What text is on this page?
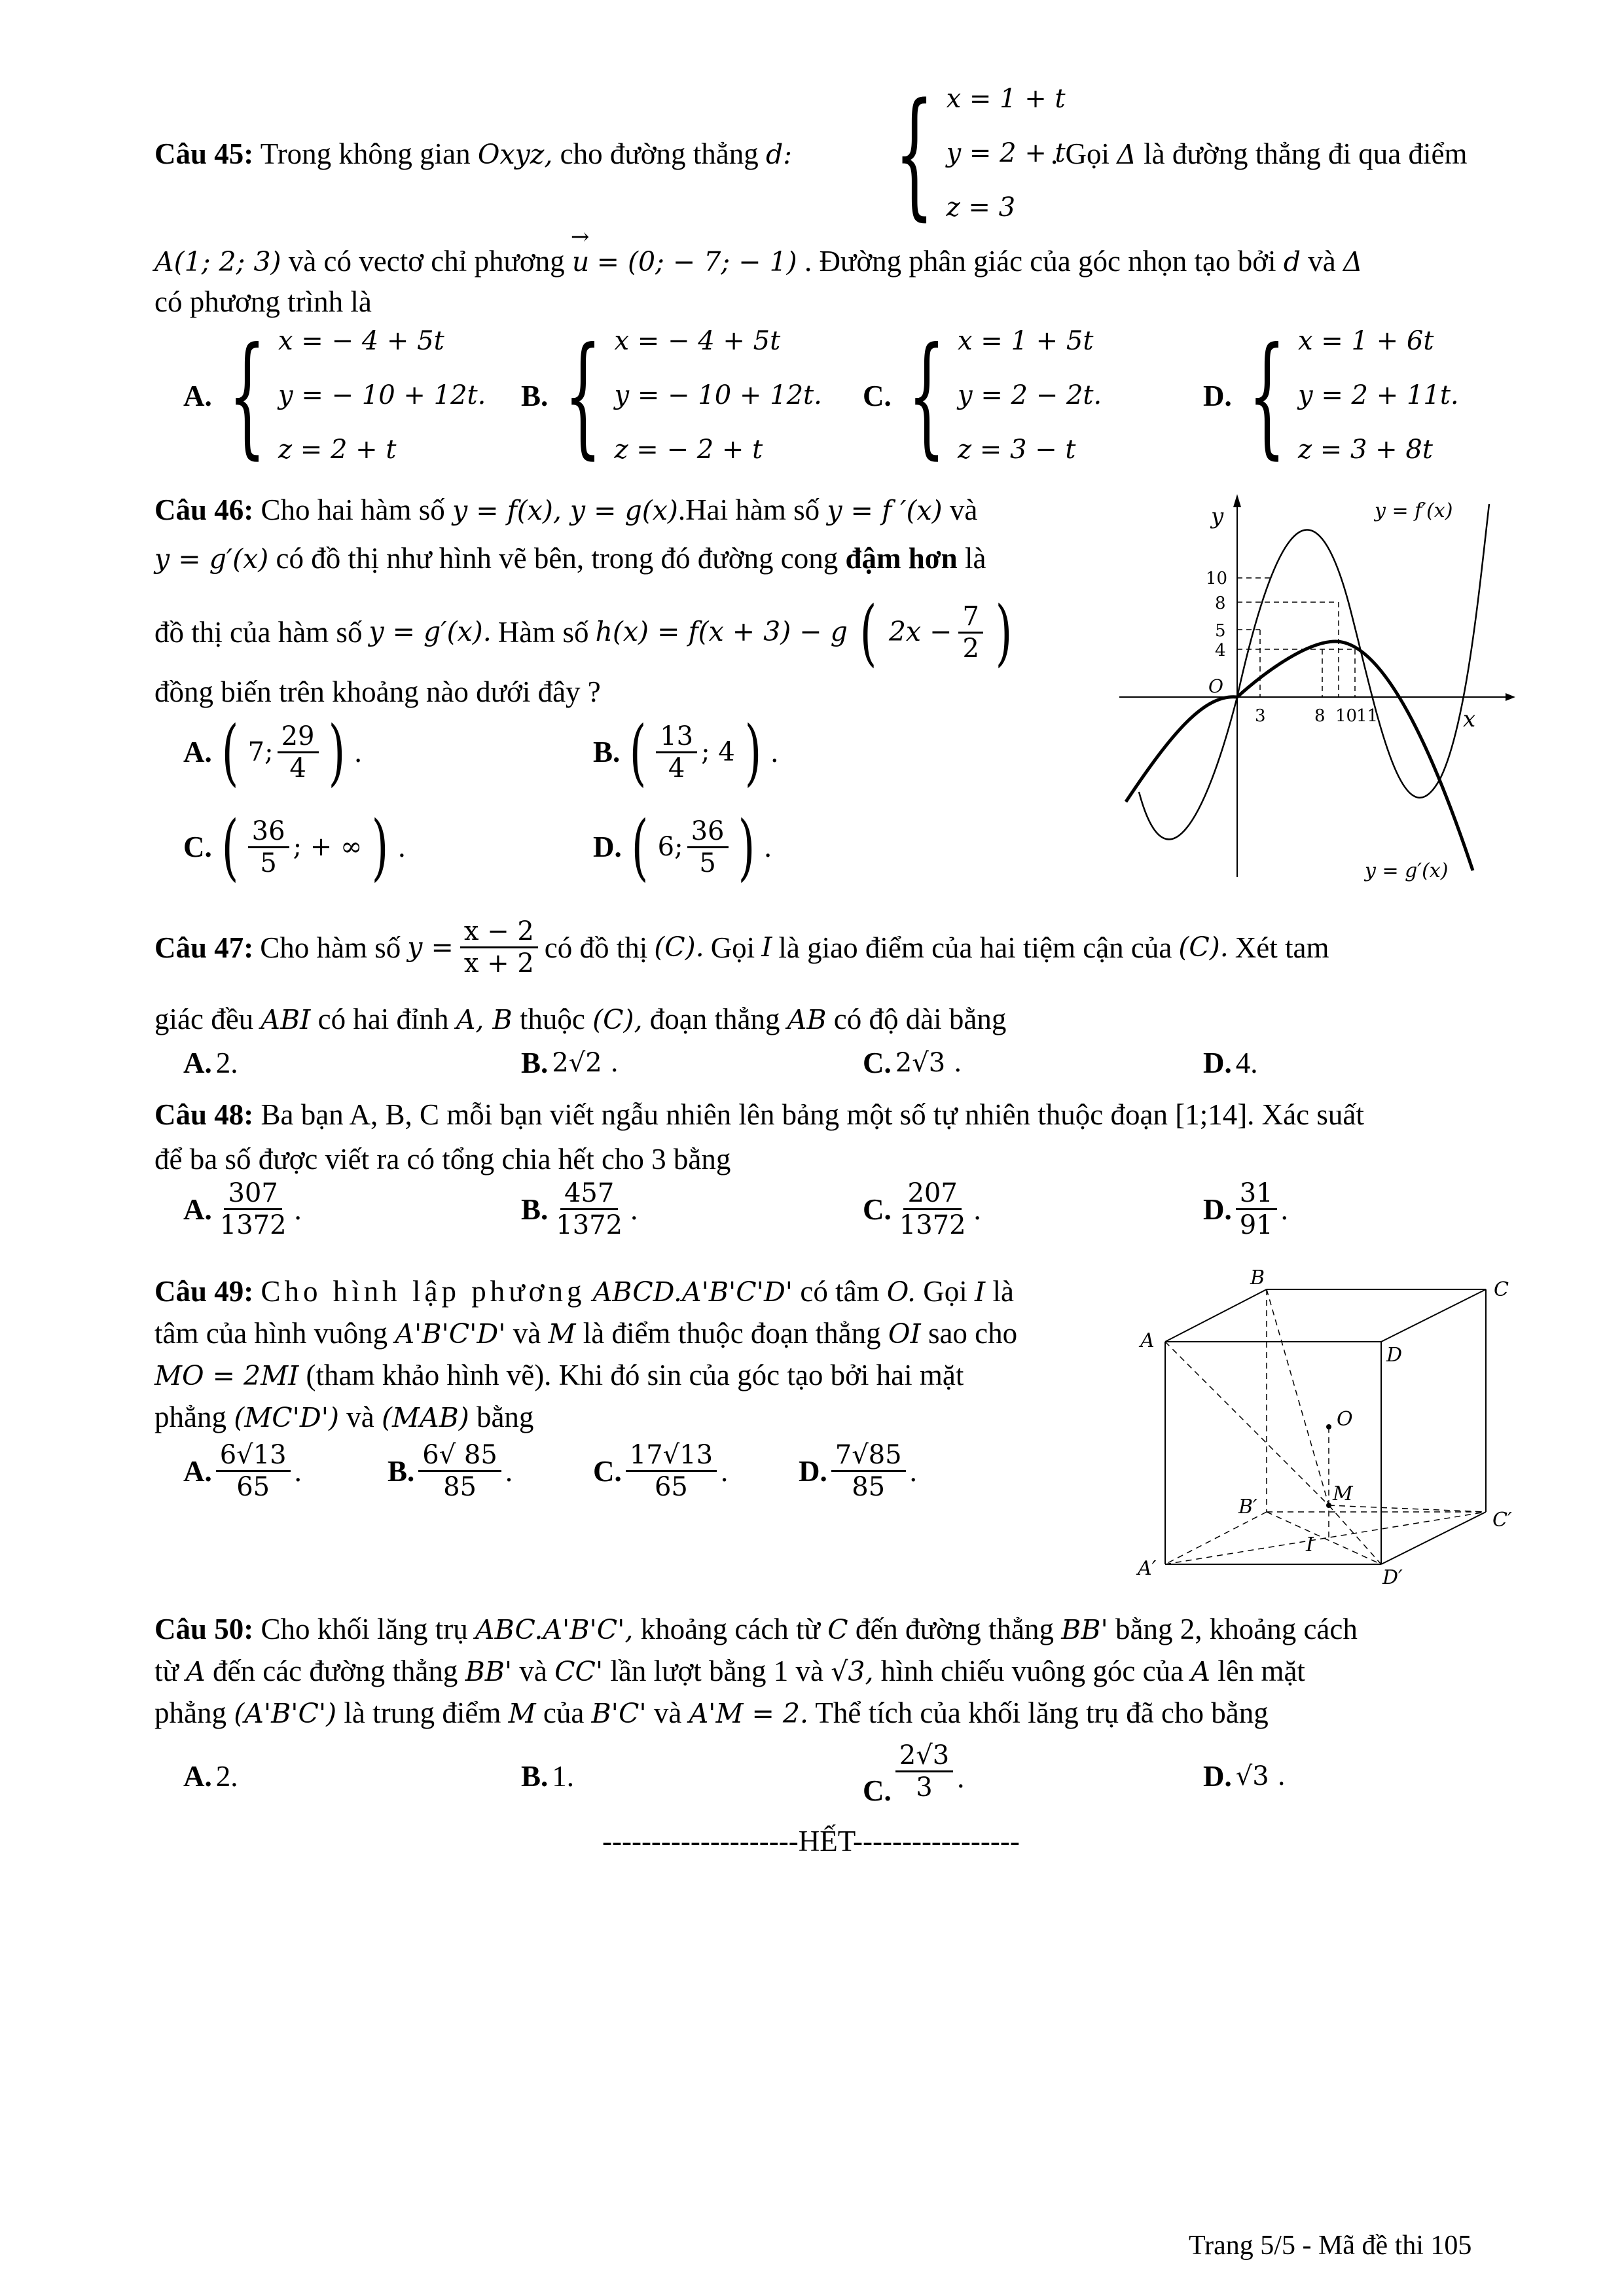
Câu 45: Trong không gian Oxyz, cho đường thẳng d: { x = 1 + t
y = 2 + t
z = 3
. Gọi Δ là đường thẳng đi qua điểm
A(1; 2; 3) và có vectơ chỉ phương
→
u = (0; − 7; − 1) . Đường phân giác của góc nhọn tạo bởi d và Δ
có phương trình là
A. { x = − 4 + 5t
y = − 10 + 12t.
z = 2 + t
B. { x = − 4 + 5t
y = − 10 + 12t.
z = − 2 + t
C. { x = 1 + 5t
y = 2 − 2t.
z = 3 − t
D. { x = 1 + 6t
y = 2 + 11t.
z = 3 + 8t
Câu 46: Cho hai hàm số y = f(x), y = g(x).Hai hàm số y = f ′(x) và
y = g′(x) có đồ thị như hình vẽ bên, trong đó đường cong đậm hơn là
đồ thị của hàm số y = g′(x). Hàm số h(x) = f(x + 3) − g ( $2x - \frac{7}{2}$ )
đồng biến trên khoảng nào dưới đây ?
A. ( 7; $\frac{29}{4}$ ) .	B. ( $\frac{13}{4}$ ; 4 ) .
C. ( $\frac{36}{5}$ ; + ∞ ) .	D. ( 6; $\frac{36}{5}$ ) .
y
x
O
10
8
5
4
3	8 10
11
y = f′(x)
y = g′(x)
Câu 47: Cho hàm số $y = \frac{x - 2}{x + 2}$ có đồ thị (C). Gọi I là giao điểm của hai tiệm cận của (C). Xét tam
giác đều ABI có hai đỉnh A, B thuộc (C), đoạn thẳng AB có độ dài bằng
A. 2.	B. 2√2 .	C. 2√3 .	D. 4.
Câu 48: Ba bạn A, B, C mỗi bạn viết ngẫu nhiên lên bảng một số tự nhiên thuộc đoạn [1;14]. Xác suất
để ba số được viết ra có tổng chia hết cho 3 bằng
A. $\frac{307}{1372}$ .	B. $\frac{457}{1372}$ .	C. $\frac{207}{1372}$ .	D. $\frac{31}{91}$ .
Câu 49: Cho hình lập phương ABCD.A'B'C'D' có tâm O. Gọi I là
tâm của hình vuông A'B'C'D' và M là điểm thuộc đoạn thẳng OI sao cho
MO = 2MI (tham khảo hình vẽ). Khi đó sin của góc tạo bởi hai mặt
phẳng (MC'D') và (MAB) bằng
A. $\frac{6√13}{65}$ .	B. $\frac{6√ 85}{85}$ .	C. $\frac{17√13}{65}$ . D. $\frac{7√85}{85}$ .
B
C
A
D
O
M
B′
C′
I
A′	D′
Câu 50: Cho khối lăng trụ ABC.A'B'C', khoảng cách từ C đến đường thẳng BB' bằng 2, khoảng cách
từ A đến các đường thẳng BB' và CC' lần lượt bằng 1 và √3, hình chiếu vuông góc của A lên mặt
phẳng (A'B'C') là trung điểm M của B'C' và A'M = 2. Thể tích của khối lăng trụ đã cho bằng
A. 2.	B. 1.	C. $\frac{2√3}{3}$ .	D. √3 .
--------------------HẾT-----------------
Trang 5/5 - Mã đề thi 105
